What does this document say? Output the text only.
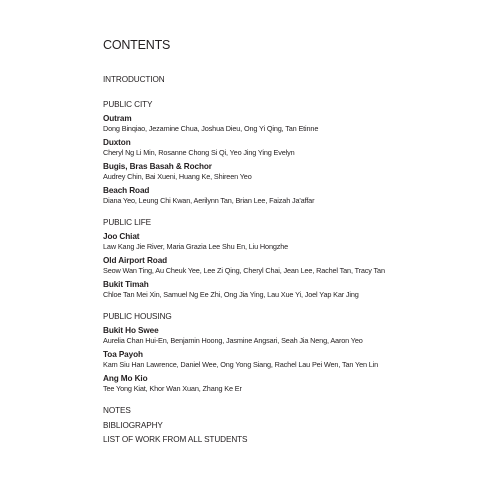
CONTENTS

INTRODUCTION

PUBLIC CITY

Outram
Dong Binqiao, Jezamine Chua, Joshua Dieu, Ong Yi Qing, Tan Etinne
Duxton
Cheryl Ng Li Min, Rosanne Chong Si Qi, Yeo Jing Ying Evelyn
Bugis, Bras Basah & Rochor
Audrey Chin, Bai Xueni, Huang Ke, Shireen Yeo
Beach Road
Diana Yeo, Leung Chi Kwan, Aerilynn Tan, Brian Lee, Faizah Ja'affar

PUBLIC LIFE

Joo Chiat
Law Kang Jie River, Maria Grazia Lee Shu En, Liu Hongzhe
Old Airport Road
Seow Wan Ting, Au Cheuk Yee, Lee Zi Qing, Cheryl Chai, Jean Lee, Rachel Tan, Tracy Tan
Bukit Timah
Chloe Tan Mei Xin, Samuel Ng Ee Zhi, Ong Jia Ying, Lau Xue Yi, Joel Yap Kar Jing

PUBLIC HOUSING

Bukit Ho Swee
Aurelia Chan Hui-En, Benjamin Hoong, Jasmine Angsari, Seah Jia Neng, Aaron Yeo
Toa Payoh
Kam Siu Han Lawrence, Daniel Wee, Ong Yong Siang, Rachel Lau Pei Wen, Tan Yen Lin
Ang Mo Kio
Tee Yong Kiat, Khor Wan Xuan, Zhang Ke Er

NOTES

BIBLIOGRAPHY

LIST OF WORK FROM ALL STUDENTS
